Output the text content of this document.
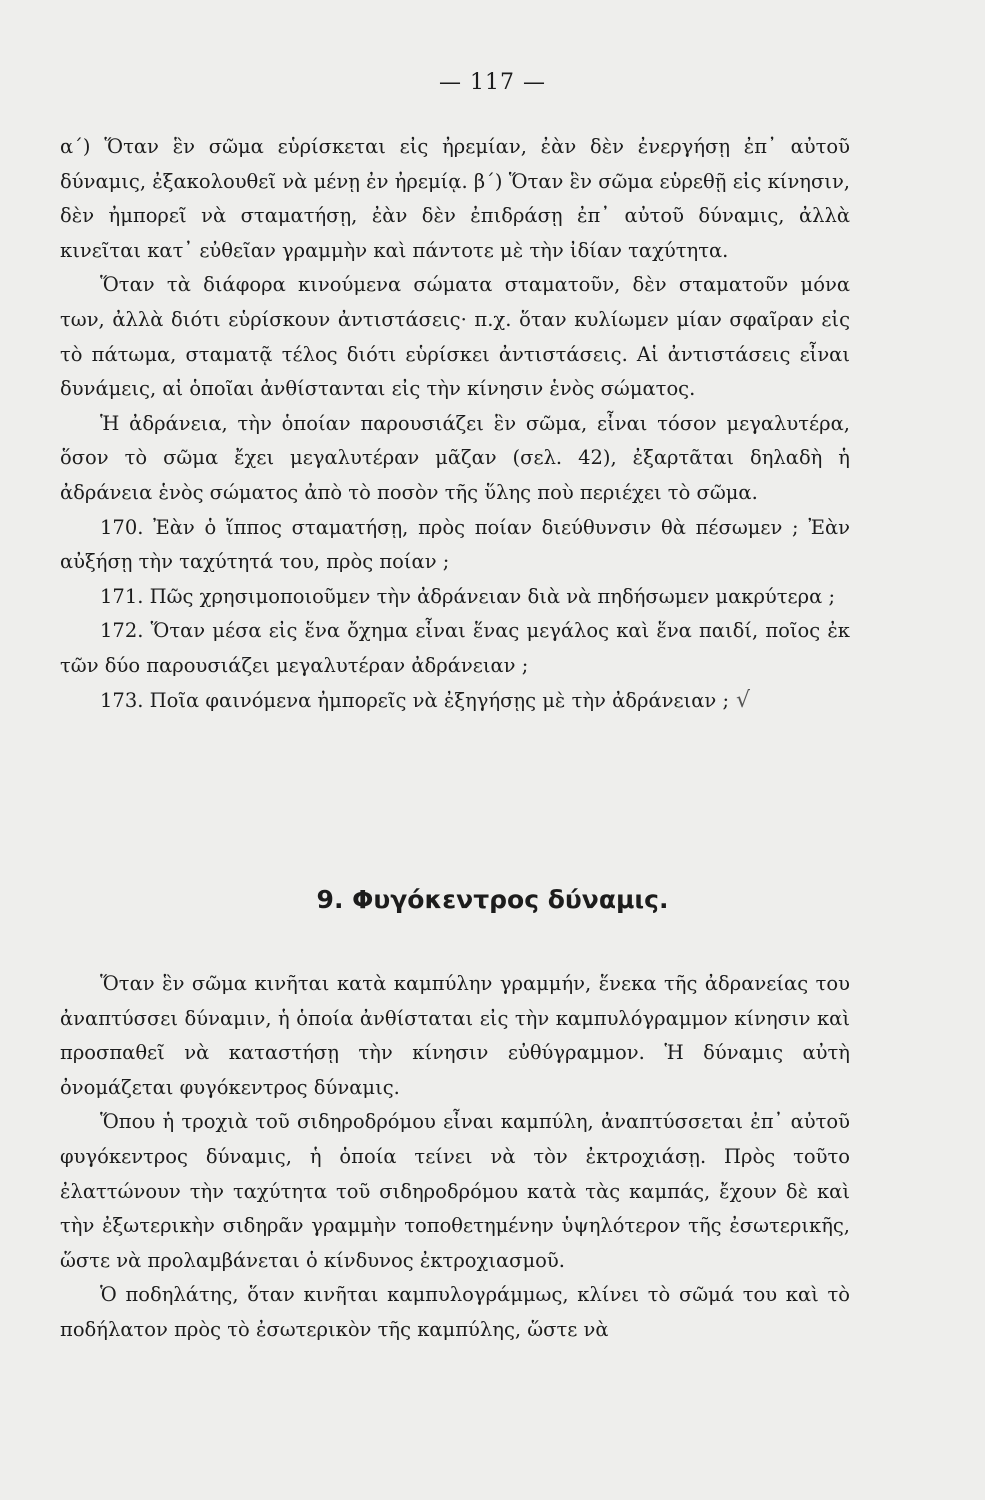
— 117 —

α΄) Ὅταν ἓν σῶμα εὑρίσκεται εἰς ἠρεμίαν, ἐὰν δὲν ἐνεργήσῃ ἐπ᾽ αὐτοῦ δύναμις, ἐξακολουθεῖ νὰ μένῃ ἐν ἠρεμίᾳ. β΄) Ὅταν ἓν σῶμα εὑρεθῇ εἰς κίνησιν, δὲν ἠμπορεῖ νὰ σταματήσῃ, ἐὰν δὲν ἐπιδράσῃ ἐπ᾽ αὐτοῦ δύναμις, ἀλλὰ κινεῖται κατ᾽ εὐθεῖαν γραμμὴν καὶ πάντοτε μὲ τὴν ἰδίαν ταχύτητα.

Ὅταν τὰ διάφορα κινούμενα σώματα σταματοῦν, δὲν σταματοῦν μόνα των, ἀλλὰ διότι εὑρίσκουν ἀντιστάσεις· π.χ. ὅταν κυλίωμεν μίαν σφαῖραν εἰς τὸ πάτωμα, σταματᾷ τέλος διότι εὑρίσκει ἀντιστάσεις. Αἱ ἀντιστάσεις εἶναι δυνάμεις, αἱ ὁποῖαι ἀνθίστανται εἰς τὴν κίνησιν ἑνὸς σώματος.

Ἡ ἀδράνεια, τὴν ὁποίαν παρουσιάζει ἓν σῶμα, εἶναι τόσον μεγαλυτέρα, ὅσον τὸ σῶμα ἔχει μεγαλυτέραν μᾶζαν (σελ. 42), ἐξαρτᾶται δηλαδὴ ἡ ἀδράνεια ἑνὸς σώματος ἀπὸ τὸ ποσὸν τῆς ὕλης ποὺ περιέχει τὸ σῶμα.

170. Ἐὰν ὁ ἵππος σταματήσῃ, πρὸς ποίαν διεύθυνσιν θὰ πέσωμεν ; Ἐὰν αὐξήσῃ τὴν ταχύτητά του, πρὸς ποίαν ;

171. Πῶς χρησιμοποιοῦμεν τὴν ἀδράνειαν διὰ νὰ πηδήσωμεν μακρύτερα ;

172. Ὅταν μέσα εἰς ἕνα ὄχημα εἶναι ἕνας μεγάλος καὶ ἕνα παιδί, ποῖος ἐκ τῶν δύο παρουσιάζει μεγαλυτέραν ἀδράνειαν ;

173. Ποῖα φαινόμενα ἠμπορεῖς νὰ ἐξηγήσῃς μὲ τὴν ἀδράνειαν ; √

9. Φυγόκεντρος δύναμις.

Ὅταν ἓν σῶμα κινῆται κατὰ καμπύλην γραμμήν, ἕνεκα τῆς ἀδρανείας του ἀναπτύσσει δύναμιν, ἡ ὁποία ἀνθίσταται εἰς τὴν καμπυλόγραμμον κίνησιν καὶ προσπαθεῖ νὰ καταστήσῃ τὴν κίνησιν εὐθύγραμμον. Ἡ δύναμις αὐτὴ ὀνομάζεται φυγόκεντρος δύναμις.

Ὅπου ἡ τροχιὰ τοῦ σιδηροδρόμου εἶναι καμπύλη, ἀναπτύσσεται ἐπ᾽ αὐτοῦ φυγόκεντρος δύναμις, ἡ ὁποία τείνει νὰ τὸν ἐκτροχιάσῃ. Πρὸς τοῦτο ἐλαττώνουν τὴν ταχύτητα τοῦ σιδηροδρόμου κατὰ τὰς καμπάς, ἔχουν δὲ καὶ τὴν ἐξωτερικὴν σιδηρᾶν γραμμὴν τοποθετημένην ὑψηλότερον τῆς ἐσωτερικῆς, ὥστε νὰ προλαμβάνεται ὁ κίνδυνος ἐκτροχιασμοῦ.

Ὁ ποδηλάτης, ὅταν κινῆται καμπυλογράμμως, κλίνει τὸ σῶμά του καὶ τὸ ποδήλατον πρὸς τὸ ἐσωτερικὸν τῆς καμπύλης, ὥστε νὰ
